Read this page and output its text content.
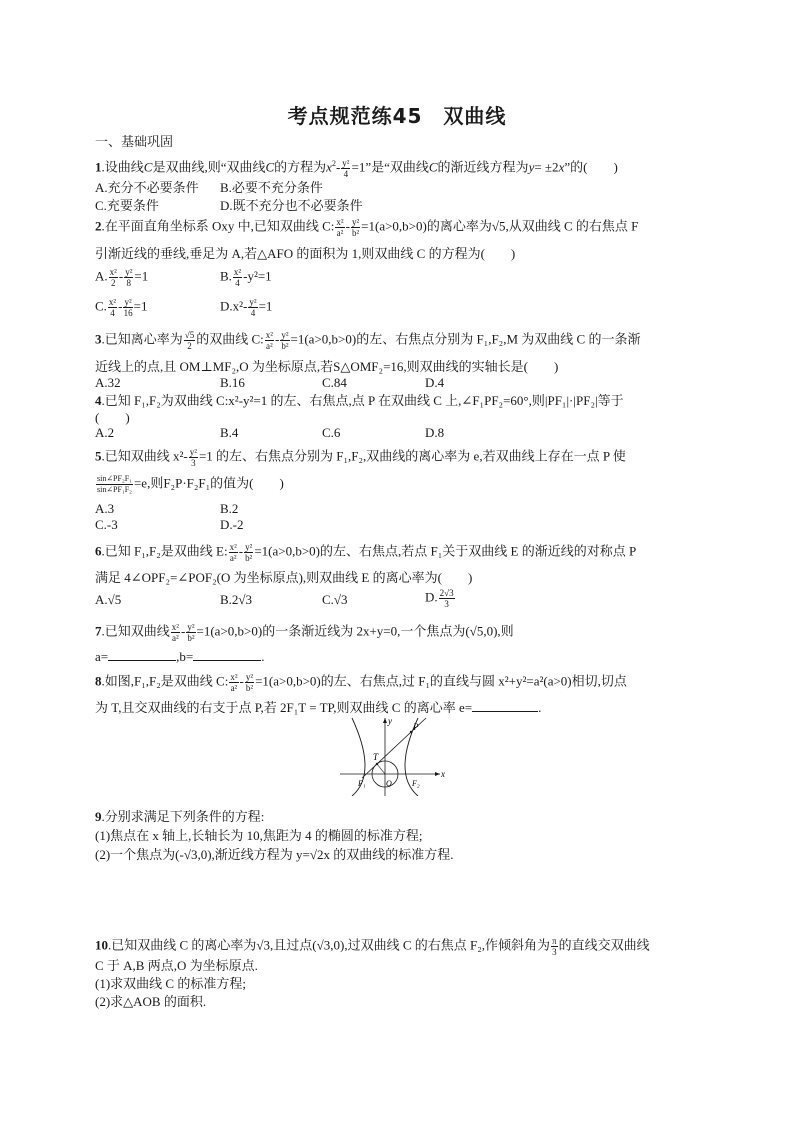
考点规范练45　双曲线
一、基础巩固
1.设曲线C是双曲线,则“双曲线C的方程为$x^2- \frac{\text{y²}}{4} =1$”是“双曲线C的渐近线方程为y= ±2x”的(　　)
A.充分不必要条件 B.必要不充分条件
C.充要条件	D.既不充分也不必要条件
2.在平面直角坐标系 Oxy 中,已知双曲线 C: $\frac{\text{x²}}{\text{a²}} - \frac{\text{y²}}{\text{b²}} =1(a>0,b>0)$的离心率为√5,从双曲线 C 的右焦点 F
引渐近线的垂线,垂足为 A,若△AFO 的面积为 1,则双曲线 C 的方程为(　　)
A. $\frac{\text{x²}}{2} - \frac{\text{y²}}{8} =1$	B. $\frac{\text{x²}}{4} -y^2=1$
C. $\frac{\text{x²}}{4} - \frac{\text{y²}}{16} =1$	$D.x^2- \frac{\text{y²}}{4} =1$
3.已知离心率为 $\frac{√5}{2}$ 的双曲线 C: $\frac{\text{x²}}{\text{a²}} - \frac{\text{y²}}{\text{b²}} =1(a>0,b>0)$的左、右焦点分别为 F₁,F₂,M 为双曲线 C 的一条渐
近线上的点,且 OM⊥MF₂,O 为坐标原点,若S△OMF₂=16,则双曲线的实轴长是(　　)
A.32	B.16	C.84	D.4
4.已知 F₁,F₂为双曲线 C:x²-y²=1 的左、右焦点,点 P 在双曲线 C 上,∠F₁PF₂=60°,则|PF₁|·|PF₂|等于
(　　)
A.2	B.4	C.6	D.8
5.已知双曲线 $x^2- \frac{\text{y²}}{3} =1$ 的左、右焦点分别为 F₁,F₂,双曲线的离心率为 e,若双曲线上存在一点 P 使
$\frac{\text{sin∠PF₂F₁}}{\text{sin∠PF₁F₂}} =e$,则F₂P·F₂F₁的值为(　　)
A.3	B.2
C.-3	D.-2
6.已知 F₁,F₂是双曲线 E: $\frac{\text{x²}}{\text{a²}} - \frac{\text{y²}}{\text{b²}} =1(a>0,b>0)$的左、右焦点,若点 F₁关于双曲线 E 的渐近线的对称点 P
满足 4∠OPF₂=∠POF₂(O 为坐标原点),则双曲线 E 的离心率为(　　)
A.√5	B.2√3	C.√3	D. $\frac{2√3}{3}$
7.已知双曲线 $\frac{\text{x²}}{\text{a²}} - \frac{\text{y²}}{\text{b²}} =1(a>0,b>0)$的一条渐近线为 2x+y=0,一个焦点为(√5,0),则
a=	,b=	.
8.如图,F₁,F₂是双曲线 C: $\frac{\text{x²}}{\text{a²}} - \frac{\text{y²}}{\text{b²}} =1(a>0,b>0)$的左、右焦点,过 F₁的直线与圆 x²+y²=a²(a>0)相切,切点
为 T,且交双曲线的右支于点 P,若 2F₁T = TP,则双曲线 C 的离心率 e=	.
y
x
P
T
O
F₁	F₂
9.分别求满足下列条件的方程:
(1)焦点在 x 轴上,长轴长为 10,焦距为 4 的椭圆的标准方程;
(2)一个焦点为(-√3,0),渐近线方程为 y=√2x 的双曲线的标准方程.
10.已知双曲线 C 的离心率为√3,且过点(√3,0),过双曲线 C 的右焦点 F₂,作倾斜角为 $\frac{\pi}{3}$ 的直线交双曲线
C 于 A,B 两点,O 为坐标原点.
(1)求双曲线 C 的标准方程;
(2)求△AOB 的面积.
